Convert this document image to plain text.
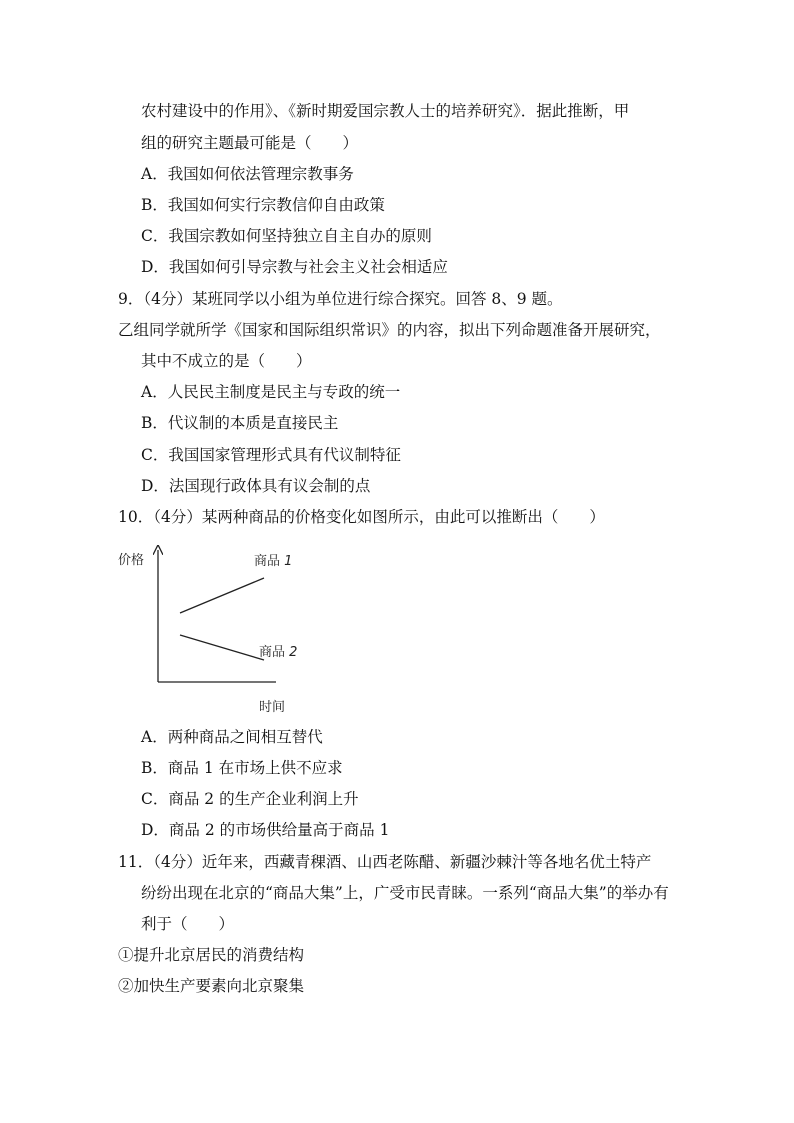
农村建设中的作用》、《新时期爱国宗教人士的培养研究》．据此推断，甲
组的研究主题最可能是（　　）
A．我国如何依法管理宗教事务
B．我国如何实行宗教信仰自由政策
C．我国宗教如何坚持独立自主自办的原则
D．我国如何引导宗教与社会主义社会相适应
9．（4分）某班同学以小组为单位进行综合探究。回答 8、9 题。
乙组同学就所学《国家和国际组织常识》的内容，拟出下列命题准备开展研究，
其中不成立的是（　　）
A．人民民主制度是民主与专政的统一
B．代议制的本质是直接民主
C．我国国家管理形式具有代议制特征
D．法国现行政体具有议会制的点
10．（4分）某两种商品的价格变化如图所示，由此可以推断出（　　）
价格
时间
商品 1
商品 2
A．两种商品之间相互替代
B．商品 1 在市场上供不应求
C．商品 2 的生产企业利润上升
D．商品 2 的市场供给量高于商品 1
11．（4分）近年来，西藏青稞酒、山西老陈醋、新疆沙棘汁等各地名优土特产
纷纷出现在北京的“商品大集”上，广受市民青睐。一系列“商品大集”的举办有
利于（　　）
①提升北京居民的消费结构
②加快生产要素向北京聚集
